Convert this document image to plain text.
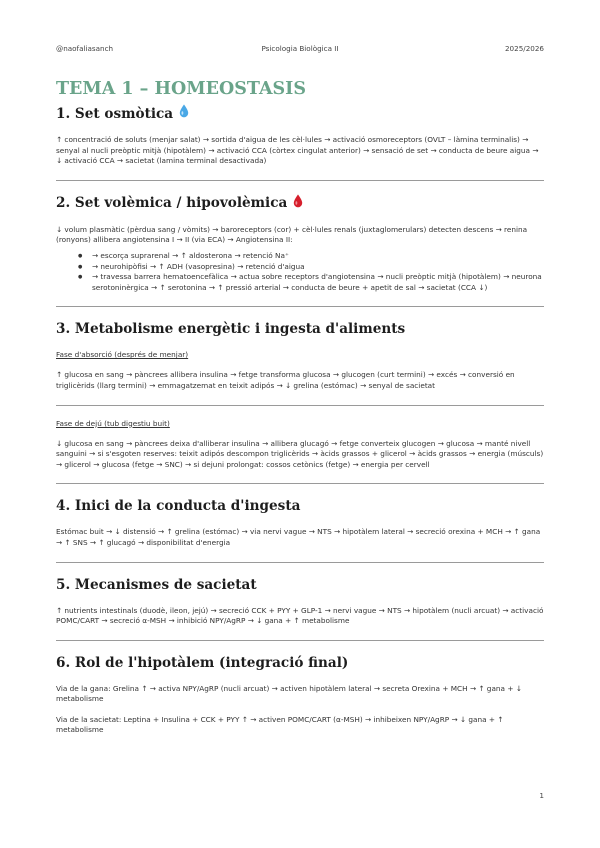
@naofaliasanch	Psicologia Biològica II	2025/2026
TEMA 1 – HOMEOSTASIS
1. Set osmòtica

↑ concentració de soluts (menjar salat) → sortida d'aigua de les cèl·lules → activació osmoreceptors (OVLT – làmina terminalis) → senyal al nucli preòptic mitjà (hipotàlem) → activació CCA (còrtex cingulat anterior) → sensació de set → conducta de beure aigua → ↓ activació CCA → sacietat (lamina terminal desactivada)

2. Set volèmica / hipovolèmica

↓ volum plasmàtic (pèrdua sang / vòmits) → baroreceptors (cor) + cèl·lules renals (juxtaglomerulars) detecten descens → renina (ronyons) allibera angiotensina I → II (via ECA) → Angiotensina II:

● → escorça suprarenal → ↑ aldosterona → retenció Na⁺
● → neurohipòfisi → ↑ ADH (vasopresina) → retenció d'aigua
● → travessa barrera hematoencefàlica → actua sobre receptors d'angiotensina → nucli preòptic mitjà (hipotàlem) → neurona serotoninèrgica → ↑ serotonina → ↑ pressió arterial → conducta de beure + apetit de sal → sacietat (CCA ↓)
3. Metabolisme energètic i ingesta d'aliments
Fase d'absorció (després de menjar)

↑ glucosa en sang → pàncrees allibera insulina → fetge transforma glucosa → glucogen (curt termini) → excés → conversió en triglicèrids (llarg termini) → emmagatzemat en teixit adipós → ↓ grelina (estómac) → senyal de sacietat

Fase de dejú (tub digestiu buit)

↓ glucosa en sang → pàncrees deixa d'alliberar insulina → allibera glucagó → fetge converteix glucogen → glucosa → manté nivell sanguini → si s'esgoten reserves: teixit adipós descompon triglicèrids → àcids grassos + glicerol → àcids grassos → energia (músculs) → glicerol → glucosa (fetge → SNC) → si dejuni prolongat: cossos cetònics (fetge) → energia per cervell

4. Inici de la conducta d'ingesta

Estómac buit → ↓ distensió → ↑ grelina (estómac) → via nervi vague → NTS → hipotàlem lateral → secreció orexina + MCH → ↑ gana → ↑ SNS → ↑ glucagó → disponibilitat d'energia

5. Mecanismes de sacietat

↑ nutrients intestinals (duodè, ileon, jejú) → secreció CCK + PYY + GLP-1 → nervi vague → NTS → hipotàlem (nucli arcuat) → activació POMC/CART → secreció α-MSH → inhibició NPY/AgRP → ↓ gana + ↑ metabolisme

6. Rol de l'hipotàlem (integració final)

Via de la gana: Grelina ↑ → activa NPY/AgRP (nucli arcuat) → activen hipotàlem lateral → secreta Orexina + MCH → ↑ gana + ↓ metabolisme

Via de la sacietat: Leptina + Insulina + CCK + PYY ↑ → activen POMC/CART (α-MSH) → inhibeixen NPY/AgRP → ↓ gana + ↑ metabolisme

1
